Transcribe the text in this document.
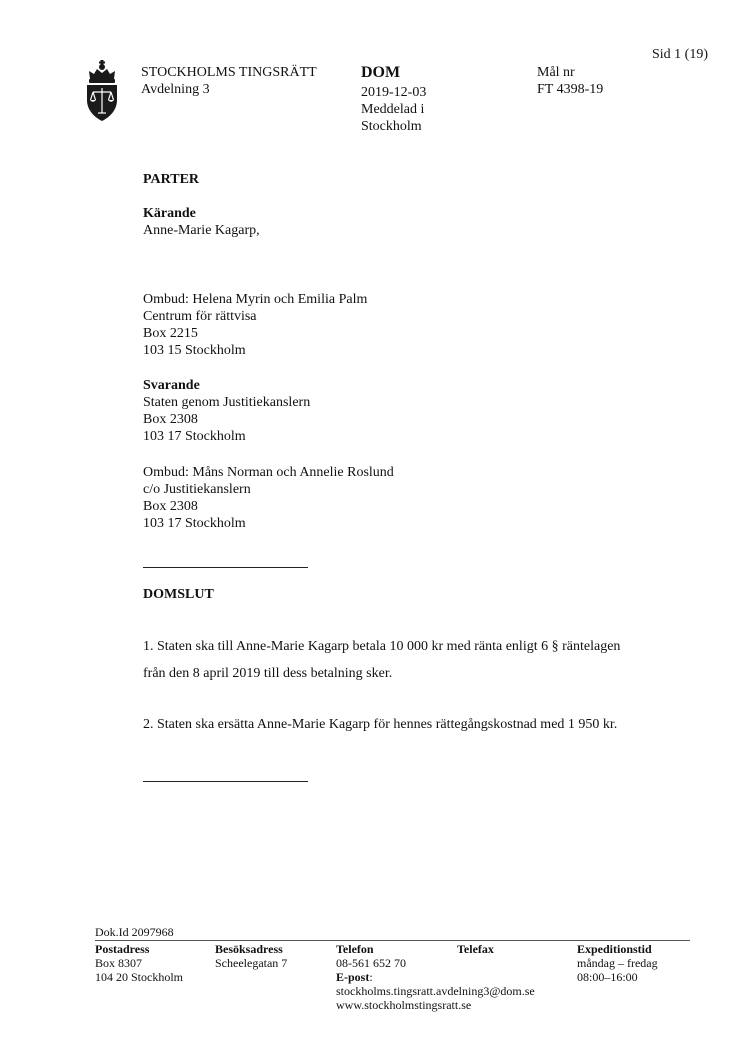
Sid 1 (19)
STOCKHOLMS TINGSRÄTT
Avdelning 3
DOM
2019-12-03
Meddelad i
Stockholm
Mål nr
FT 4398-19
PARTER
Kärande
Anne-Marie Kagarp,
Ombud: Helena Myrin och Emilia Palm
Centrum för rättvisa
Box 2215
103 15 Stockholm
Svarande
Staten genom Justitiekanslern
Box 2308
103 17 Stockholm
Ombud: Måns Norman och Annelie Roslund
c/o Justitiekanslern
Box 2308
103 17 Stockholm
DOMSLUT
1. Staten ska till Anne-Marie Kagarp betala 10 000 kr med ränta enligt 6 § räntelagen
från den 8 april 2019 till dess betalning sker.
2. Staten ska ersätta Anne-Marie Kagarp för hennes rättegångskostnad med 1 950 kr.
Dok.Id 2097968
Postadress
Box 8307
104 20 Stockholm
Besöksadress
Scheelegatan 7
Telefon
08-561 652 70
E-post:
stockholms.tingsratt.avdelning3@dom.se
www.stockholmstingsratt.se
Telefax	Expeditionstid
måndag – fredag
08:00–16:00
